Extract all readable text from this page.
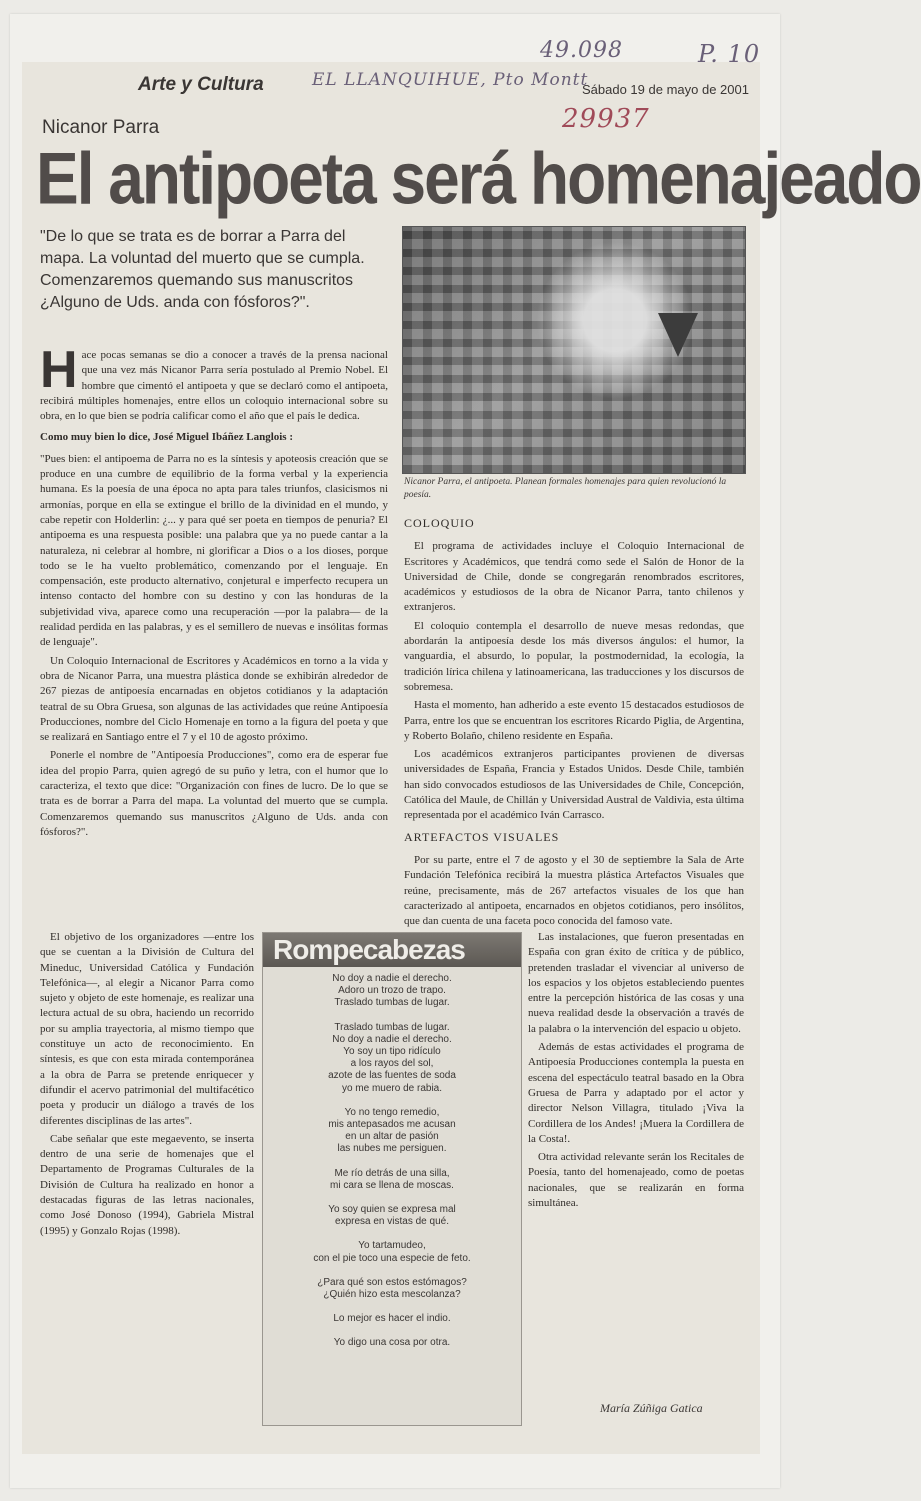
49.098	P. 10
EL LLANQUIHUE, Pto Montt
29937
Arte y Cultura	Sábado 19 de mayo de 2001
Nicanor Parra
El antipoeta será homenajeado
"De lo que se trata es de borrar a Parra del mapa. La voluntad del muerto que se cumpla. Comenzaremos quemando sus manuscritos ¿Alguno de Uds. anda con fósforos?".
Nicanor Parra, el antipoeta. Planean formales homenajes para quien revolucionó la poesía.

Hace pocas semanas se dio a conocer a través de la prensa nacional que una vez más Nicanor Parra sería postulado al Premio Nobel. El hombre que cimentó el antipoeta y que se declaró como el antipoeta, recibirá múltiples homenajes, entre ellos un coloquio internacional sobre su obra, en lo que bien se podría calificar como el año que el país le dedica.

Como muy bien lo dice, José Miguel Ibáñez Langlois :

"Pues bien: el antipoema de Parra no es la síntesis y apoteosis creación que se produce en una cumbre de equilibrio de la forma verbal y la experiencia humana. Es la poesía de una época no apta para tales triunfos, clasicismos ni armonías, porque en ella se extingue el brillo de la divinidad en el mundo, y cabe repetir con Holderlin: ¿... y para qué ser poeta en tiempos de penuria? El antipoema es una respuesta posible: una palabra que ya no puede cantar a la naturaleza, ni celebrar al hombre, ni glorificar a Dios o a los dioses, porque todo se le ha vuelto problemático, comenzando por el lenguaje. En compensación, este producto alternativo, conjetural e imperfecto recupera un intenso contacto del hombre con su destino y con las honduras de la subjetividad viva, aparece como una recuperación —por la palabra— de la realidad perdida en las palabras, y es el semillero de nuevas e insólitas formas de lenguaje".

Un Coloquio Internacional de Escritores y Académicos en torno a la vida y obra de Nicanor Parra, una muestra plástica donde se exhibirán alrededor de 267 piezas de antipoesía encarnadas en objetos cotidianos y la adaptación teatral de su Obra Gruesa, son algunas de las actividades que reúne Antipoesía Producciones, nombre del Ciclo Homenaje en torno a la figura del poeta y que se realizará en Santiago entre el 7 y el 10 de agosto próximo.

Ponerle el nombre de "Antipoesía Producciones", como era de esperar fue idea del propio Parra, quien agregó de su puño y letra, con el humor que lo caracteriza, el texto que dice: "Organización con fines de lucro. De lo que se trata es de borrar a Parra del mapa. La voluntad del muerto que se cumpla. Comenzaremos quemando sus manuscritos ¿Alguno de Uds. anda con fósforos?".

El objetivo de los organizadores —entre los que se cuentan a la División de Cultura del Mineduc, Universidad Católica y Fundación Telefónica—, al elegir a Nicanor Parra como sujeto y objeto de este homenaje, es realizar una lectura actual de su obra, haciendo un recorrido por su amplia trayectoria, al mismo tiempo que constituye un acto de reconocimiento. En síntesis, es que con esta mirada contemporánea a la obra de Parra se pretende enriquecer y difundir el acervo patrimonial del multifacético poeta y producir un diálogo a través de los diferentes disciplinas de las artes".

Cabe señalar que este megaevento, se inserta dentro de una serie de homenajes que el Departamento de Programas Culturales de la División de Cultura ha realizado en honor a destacadas figuras de las letras nacionales, como José Donoso (1994), Gabriela Mistral (1995) y Gonzalo Rojas (1998).

COLOQUIO

El programa de actividades incluye el Coloquio Internacional de Escritores y Académicos, que tendrá como sede el Salón de Honor de la Universidad de Chile, donde se congregarán renombrados escritores, académicos y estudiosos de la obra de Nicanor Parra, tanto chilenos y extranjeros.

El coloquio contempla el desarrollo de nueve mesas redondas, que abordarán la antipoesía desde los más diversos ángulos: el humor, la vanguardia, el absurdo, lo popular, la postmodernidad, la ecología, la tradición lírica chilena y latinoamericana, las traducciones y los discursos de sobremesa.

Hasta el momento, han adherido a este evento 15 destacados estudiosos de Parra, entre los que se encuentran los escritores Ricardo Piglia, de Argentina, y Roberto Bolaño, chileno residente en España.

Los académicos extranjeros participantes provienen de diversas universidades de España, Francia y Estados Unidos. Desde Chile, también han sido convocados estudiosos de las Universidades de Chile, Concepción, Católica del Maule, de Chillán y Universidad Austral de Valdivia, esta última representada por el académico Iván Carrasco.

ARTEFACTOS VISUALES

Por su parte, entre el 7 de agosto y el 30 de septiembre la Sala de Arte Fundación Telefónica recibirá la muestra plástica Artefactos Visuales que reúne, precisamente, más de 267 artefactos visuales de los que han caracterizado al antipoeta, encarnados en objetos cotidianos, pero insólitos, que dan cuenta de una faceta poco conocida del famoso vate.

Las instalaciones, que fueron presentadas en España con gran éxito de crítica y de público, pretenden trasladar el vivenciar al universo de los espacios y los objetos estableciendo puentes entre la percepción histórica de las cosas y una nueva realidad desde la observación a través de la palabra o la intervención del espacio u objeto.

Además de estas actividades el programa de Antipoesía Producciones contempla la puesta en escena del espectáculo teatral basado en la Obra Gruesa de Parra y adaptado por el actor y director Nelson Villagra, titulado ¡Viva la Cordillera de los Andes! ¡Muera la Cordillera de la Costa!.

Otra actividad relevante serán los Recitales de Poesía, tanto del homenajeado, como de poetas nacionales, que se realizarán en forma simultánea.

Rompecabezas
No doy a nadie el derecho.
Adoro un trozo de trapo.
Traslado tumbas de lugar.
Traslado tumbas de lugar.
No doy a nadie el derecho.
Yo soy un tipo ridículo
a los rayos del sol,
azote de las fuentes de soda
yo me muero de rabia.
Yo no tengo remedio,
mis antepasados me acusan
en un altar de pasión
las nubes me persiguen.
Me río detrás de una silla,
mi cara se llena de moscas.
Yo soy quien se expresa mal
expresa en vistas de qué.
Yo tartamudeo,
con el pie toco una especie de feto.
¿Para qué son estos estómagos?
¿Quién hizo esta mescolanza?
Lo mejor es hacer el indio.
Yo digo una cosa por otra.
María Zúñiga Gatica
